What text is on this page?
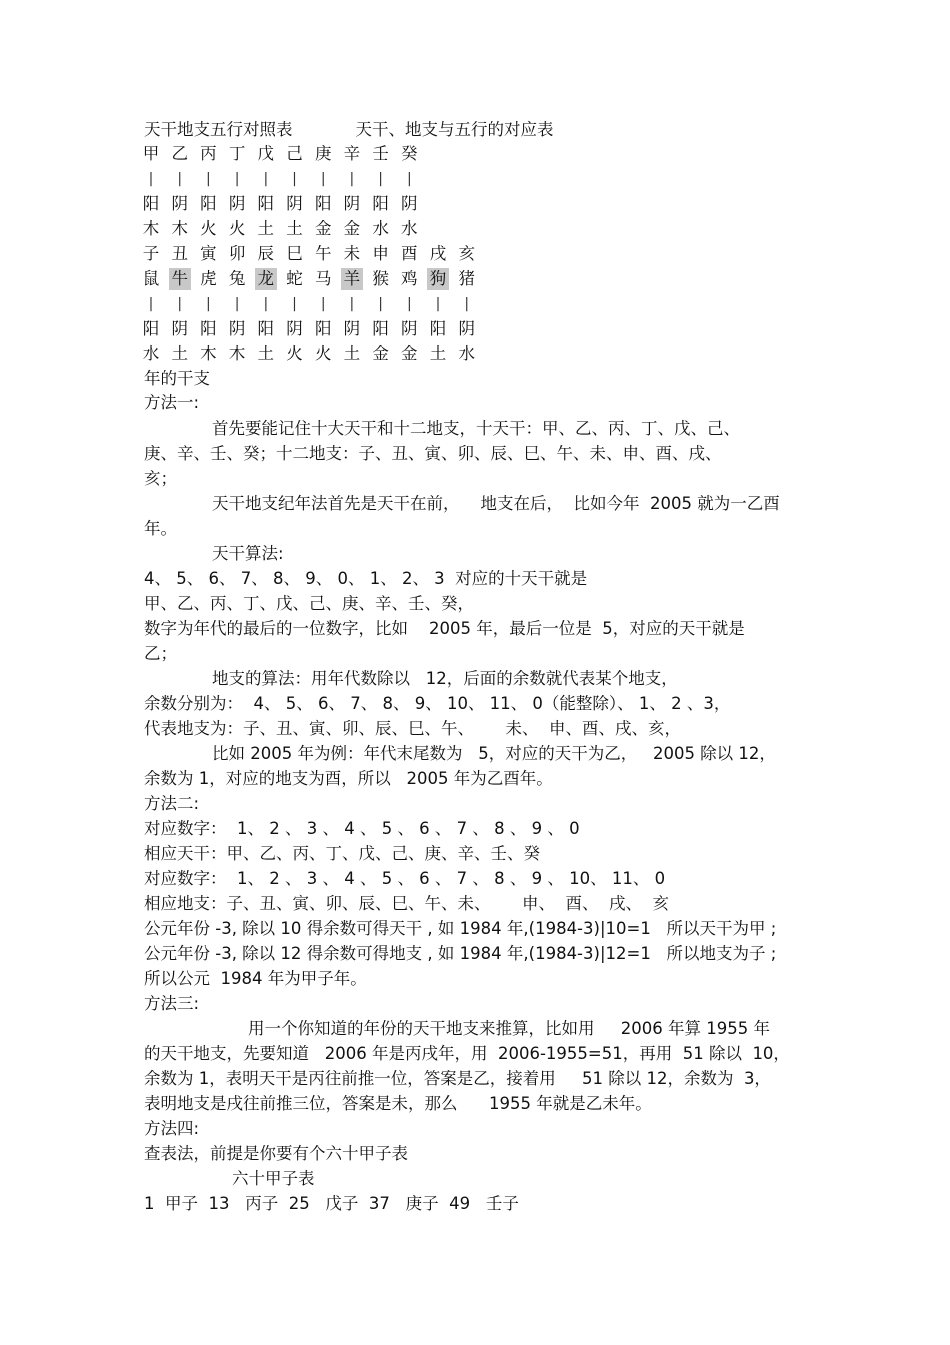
天干地支五行对照表            天干、地支与五行的对应表
甲 乙 丙 丁 戊 己 庚 辛 壬 癸
|	|	|	|	|	|	|	|	|	|
阳 阴 阳 阴 阳 阴 阳 阴 阳 阴
木 木 火 火 土 土 金 金 水 水
子 丑 寅 卯 辰 巳 午 未 申 酉 戌 亥
鼠 牛 虎 兔 龙 蛇 马 羊 猴 鸡 狗 猪
|	|	|	|	|	|	|	|	|	|	|	|
阳 阴 阳 阴 阳 阴 阳 阴 阳 阴 阳 阴
水 土 木 木 土 火 火 土 金 金 土 水
年的干支
方法一:
首先要能记住十大天干和十二地支，十天干：甲、乙、丙、丁、戊、己、
庚、辛、壬、癸；十二地支：子、丑、寅、卯、辰、巳、午、未、申、酉、戌、
亥；
天干地支纪年法首先是天干在前，    地支在后，  比如今年  2005 就为一乙酉
年。
天干算法:
4、 5、 6、 7、 8、 9、 0、 1、 2、 3  对应的十天干就是
甲、乙、丙、丁、戊、己、庚、辛、壬、癸，
数字为年代的最后的一位数字，比如    2005 年，最后一位是  5，对应的天干就是
乙；
地支的算法：用年代数除以   12，后面的余数就代表某个地支，
余数分别为：  4、 5、 6、 7、 8、 9、 10、 11、 0（能整除）、 1、 2 、3，
代表地支为：子、丑、寅、卯、辰、巳、午、      未、  申、酉、戌、亥，
比如 2005 年为例：年代末尾数为   5，对应的天干为乙，   2005 除以 12，
余数为 1，对应的地支为酉，所以   2005 年为乙酉年。
方法二:
对应数字：  1、 2 、 3 、 4 、 5 、 6 、 7 、 8 、 9 、 0
相应天干：甲、乙、丙、丁、戊、己、庚、辛、壬、癸
对应数字：  1、 2 、 3 、 4 、 5 、 6 、 7 、 8 、 9 、 10、 11、 0
相应地支：子、丑、寅、卯、辰、巳、午、未、      申、  酉、  戌、  亥
公元年份 -3, 除以 10 得余数可得天干 , 如 1984 年,(1984-3)|10=1   所以天干为甲 ;
公元年份 -3, 除以 12 得余数可得地支 , 如 1984 年,(1984-3)|12=1   所以地支为子 ;
所以公元  1984 年为甲子年。
方法三:
用一个你知道的年份的天干地支来推算，比如用     2006 年算 1955 年
的天干地支，先要知道   2006 年是丙戌年，用  2006-1955=51，再用  51 除以  10，
余数为 1，表明天干是丙往前推一位，答案是乙，接着用     51 除以 12，余数为  3，
表明地支是戌往前推三位，答案是未，那么      1955 年就是乙未年。
方法四:
查表法，前提是你要有个六十甲子表
六十甲子表
1  甲子  13   丙子  25   戊子  37   庚子  49   壬子
